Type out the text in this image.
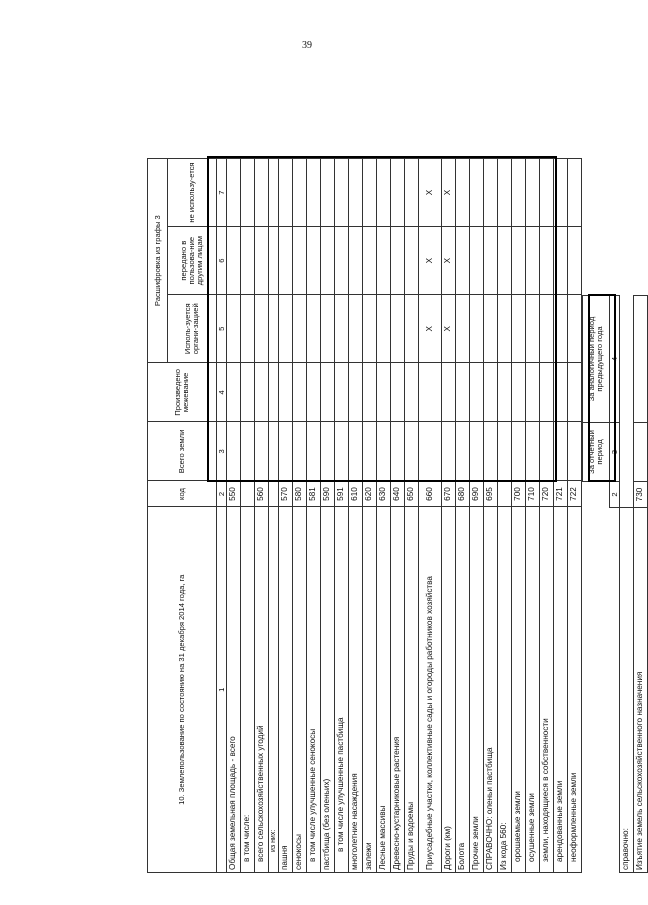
39
10. Землепользование по состоянию на 31 декабря 2014 года, га	код	Всего земли	Произведено межевание	Расшифровка из графы 3		
				Исполь-зуется органи-зацией	передано в пользова-ние другим лицам	не использу-ется
1	2	3	4	5	6	7
Общая земельная площадь - всего	550					
в том числе:						
всего сельскохозяйственных угодий	560					
из них:						
пашня	570					
сенокосы	580					
в том числе улучшенные сенокосы	581					
пастбища (без оленьих)	590					
в том числе улучшенные пастбища	591					
многолетние насаждения	610					
залежи	620					
Лесные массивы	630					
Древесно-кустарниковые растения	640					
Пруды и водоемы	650					
Приусадебные участки, коллективные сады и огороды работников хозяйства	660			X	X	X
Дороги (км)	670			X	X	X
Болота	680					
Прочие земли	690					
СПРАВОЧНО: оленьи пастбища	695					
Из кода 560:						
орошаемые земли	700					
осушенные земли	710					
земли, находящиеся в собственности	720					
арендованные земли	721					
неоформленные земли	722					
		За отчетный период	За аналогичный период предыдущего года	
	2	3	4	
справочно:				
Изъятие земель сельскохозяйственного назначения	730			
